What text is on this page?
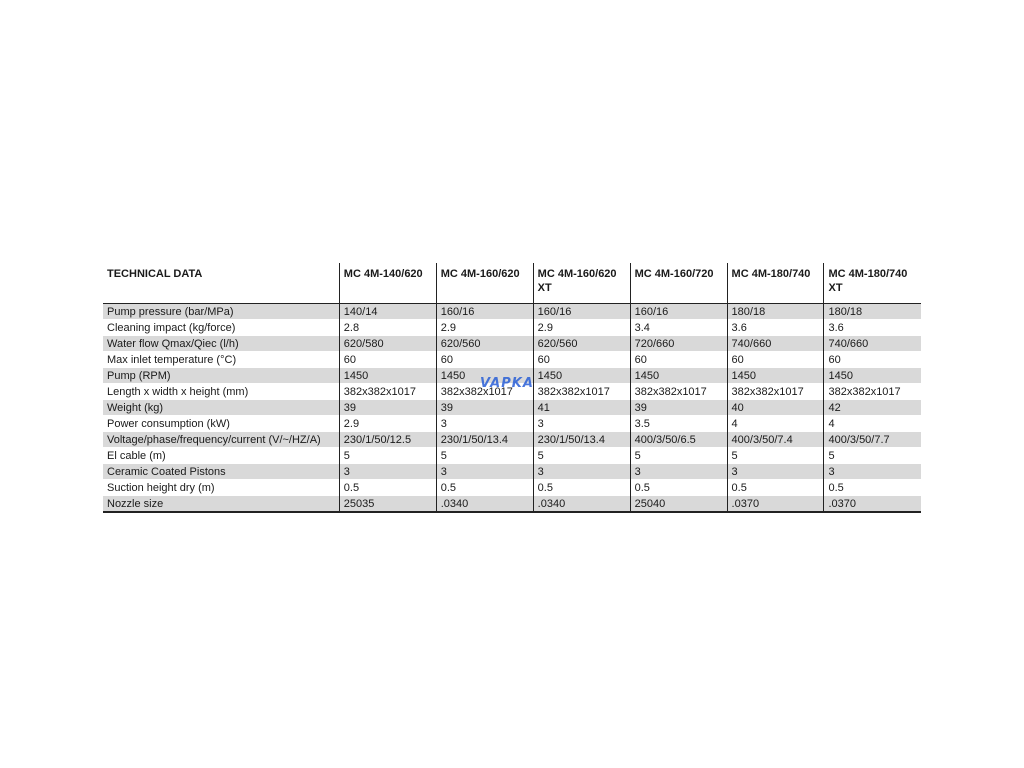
TECHNICAL DATA	MC 4M-140/620	MC 4M-160/620	MC 4M-160/620 XT	MC 4M-160/720	MC 4M-180/740	MC 4M-180/740 XT
Pump pressure (bar/MPa)	140/14	160/16	160/16	160/16	180/18	180/18
Cleaning impact (kg/force)	2.8	2.9	2.9	3.4	3.6	3.6
Water flow Qmax/Qiec (l/h)	620/580	620/560	620/560	720/660	740/660	740/660
Max inlet temperature (°C)	60	60	60	60	60	60
Pump (RPM)	1450	1450	1450	1450	1450	1450
Length x width x height (mm)	382x382x1017	382x382x1017	382x382x1017	382x382x1017	382x382x1017	382x382x1017
Weight (kg)	39	39	41	39	40	42
Power consumption (kW)	2.9	3	3	3.5	4	4
Voltage/phase/frequency/current (V/~/HZ/A)	230/1/50/12.5	230/1/50/13.4	230/1/50/13.4	400/3/50/6.5	400/3/50/7.4	400/3/50/7.7
El cable (m)	5	5	5	5	5	5
Ceramic Coated Pistons	3	3	3	3	3	3
Suction height dry (m)	0.5	0.5	0.5	0.5	0.5	0.5
Nozzle size	25035	.0340	.0340	25040	.0370	.0370
VAPKA
